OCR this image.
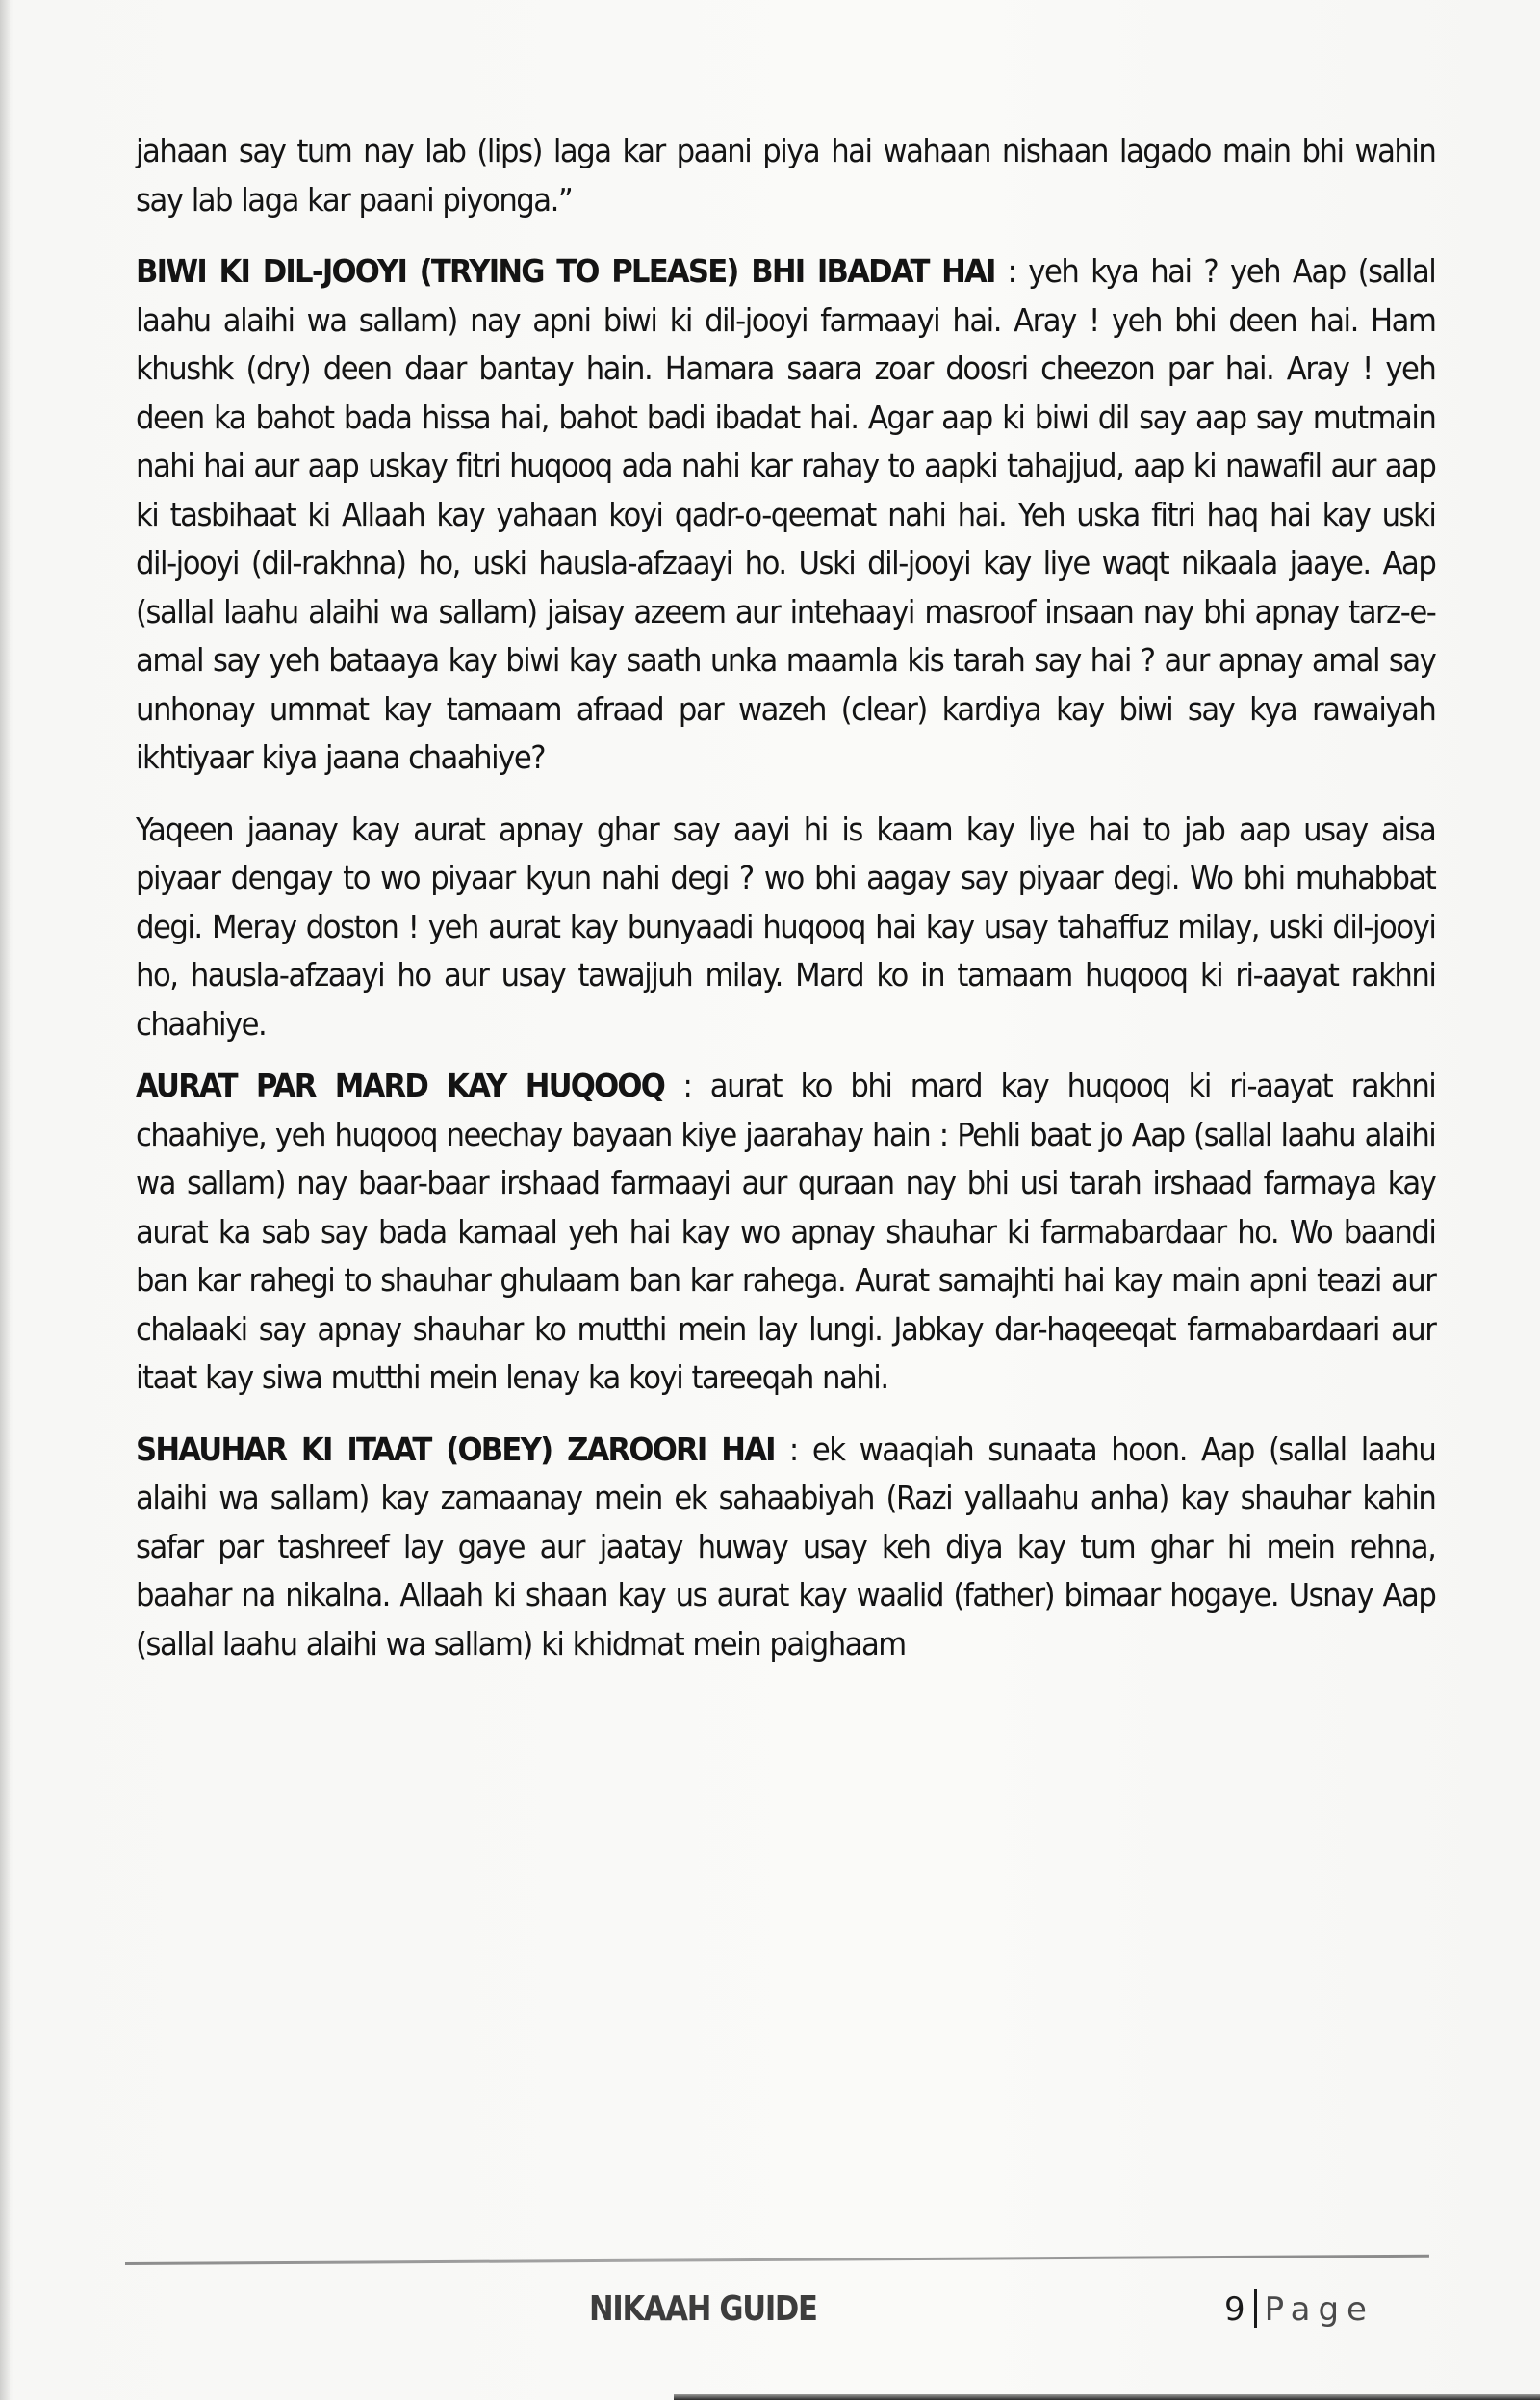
jahaan say tum nay lab (lips) laga kar paani piya hai wahaan nishaan lagado main bhi wahin say lab laga kar paani piyonga.”

BIWI KI DIL-JOOYI (TRYING TO PLEASE) BHI IBADAT HAI : yeh kya hai ? yeh Aap (sallal laahu alaihi wa sallam) nay apni biwi ki dil-jooyi farmaayi hai. Aray ! yeh bhi deen hai. Ham khushk (dry) deen daar bantay hain. Hamara saara zoar doosri cheezon par hai. Aray ! yeh deen ka bahot bada hissa hai, bahot badi ibadat hai. Agar aap ki biwi dil say aap say mutmain nahi hai aur aap uskay fitri huqooq ada nahi kar rahay to aapki tahajjud, aap ki nawafil aur aap ki tasbihaat ki Allaah kay yahaan koyi qadr-o-qeemat nahi hai. Yeh uska fitri haq hai kay uski dil-jooyi (dil-rakhna) ho, uski hausla-afzaayi ho. Uski dil-jooyi kay liye waqt nikaala jaaye. Aap (sallal laahu alaihi wa sallam) jaisay azeem aur intehaayi masroof insaan nay bhi apnay tarz-e-amal say yeh bataaya kay biwi kay saath unka maamla kis tarah say hai ? aur apnay amal say unhonay ummat kay tamaam afraad par wazeh (clear) kardiya kay biwi say kya rawaiyah ikhtiyaar kiya jaana chaahiye?

Yaqeen jaanay kay aurat apnay ghar say aayi hi is kaam kay liye hai to jab aap usay aisa piyaar dengay to wo piyaar kyun nahi degi ? wo bhi aagay say piyaar degi. Wo bhi muhabbat degi. Meray doston ! yeh aurat kay bunyaadi huqooq hai kay usay tahaffuz milay, uski dil-jooyi ho, hausla-afzaayi ho aur usay tawajjuh milay. Mard ko in tamaam huqooq ki ri-aayat rakhni chaahiye.

AURAT PAR MARD KAY HUQOOQ : aurat ko bhi mard kay huqooq ki ri-aayat rakhni chaahiye, yeh huqooq neechay bayaan kiye jaarahay hain : Pehli baat jo Aap (sallal laahu alaihi wa sallam) nay baar-baar irshaad farmaayi aur quraan nay bhi usi tarah irshaad farmaya kay aurat ka sab say bada kamaal yeh hai kay wo apnay shauhar ki farmabardaar ho. Wo baandi ban kar rahegi to shauhar ghulaam ban kar rahega. Aurat samajhti hai kay main apni teazi aur chalaaki say apnay shauhar ko mutthi mein lay lungi. Jabkay dar-haqeeqat farmabardaari aur itaat kay siwa mutthi mein lenay ka koyi tareeqah nahi.

SHAUHAR KI ITAAT (OBEY) ZAROORI HAI : ek waaqiah sunaata hoon. Aap (sallal laahu alaihi wa sallam) kay zamaanay mein ek sahaabiyah (Razi yallaahu anha) kay shauhar kahin safar par tashreef lay gaye aur jaatay huway usay keh diya kay tum ghar hi mein rehna, baahar na nikalna. Allaah ki shaan kay us aurat kay waalid (father) bimaar hogaye. Usnay Aap (sallal laahu alaihi wa sallam) ki khidmat mein paighaam

NIKAAH GUIDE	9 Page
